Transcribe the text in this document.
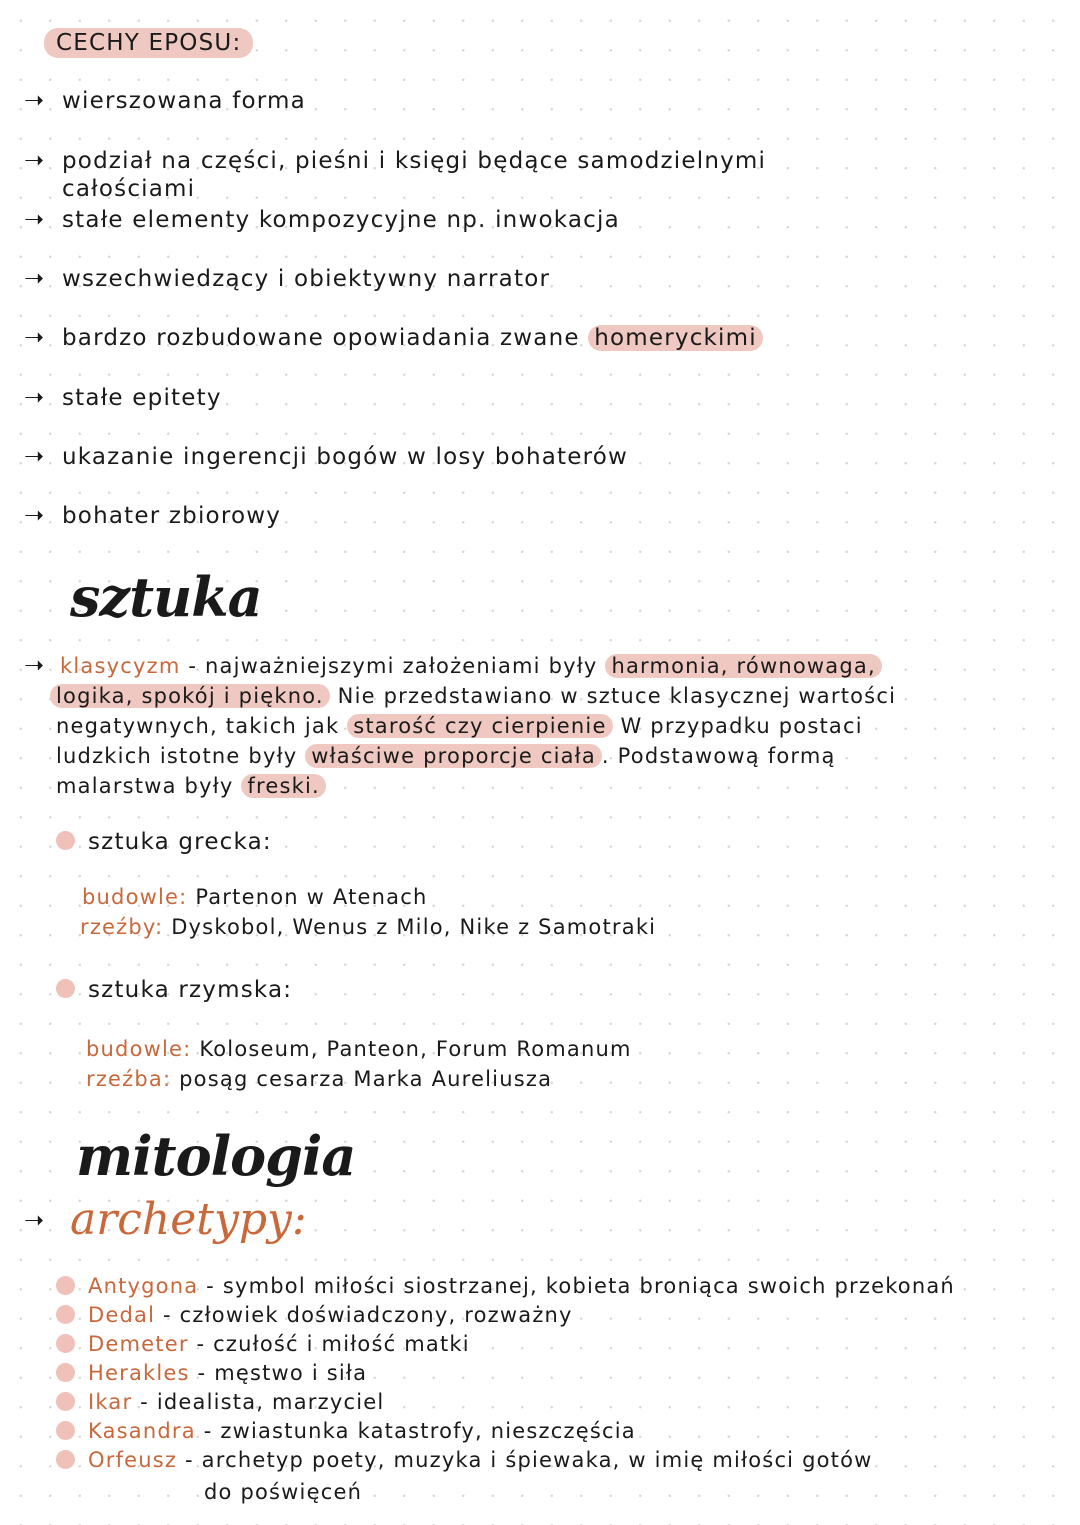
CECHY EPOSU:
➝ wierszowana forma
➝ podział na części, pieśni i księgi będące samodzielnymi
całościami
➝ stałe elementy kompozycyjne np. inwokacja
➝ wszechwiedzący i obiektywny narrator
➝ bardzo rozbudowane opowiadania zwane homeryckimi
➝ stałe epitety
➝ ukazanie ingerencji bogów w losy bohaterów
➝ bohater zbiorowy
sztuka
➝ klasycyzm - najważniejszymi założeniami były harmonia, równowaga,
logika, spokój i piękno. Nie przedstawiano w sztuce klasycznej wartości
negatywnych, takich jak starość czy cierpienie W przypadku postaci
ludzkich istotne były właściwe proporcje ciała . Podstawową formą
malarstwa były freski.
sztuka grecka:
budowle: Partenon w Atenach
rzeźby: Dyskobol, Wenus z Milo, Nike z Samotraki
sztuka rzymska:
budowle: Koloseum, Panteon, Forum Romanum
rzeźba: posąg cesarza Marka Aureliusza
mitologia
➝ archetypy:
Antygona - symbol miłości siostrzanej, kobieta broniąca swoich przekonań
Dedal - człowiek doświadczony, rozważny
Demeter - czułość i miłość matki
Herakles - męstwo i siła
Ikar - idealista, marzyciel
Kasandra - zwiastunka katastrofy, nieszczęścia
Orfeusz - archetyp poety, muzyka i śpiewaka, w imię miłości gotów
do poświęceń
